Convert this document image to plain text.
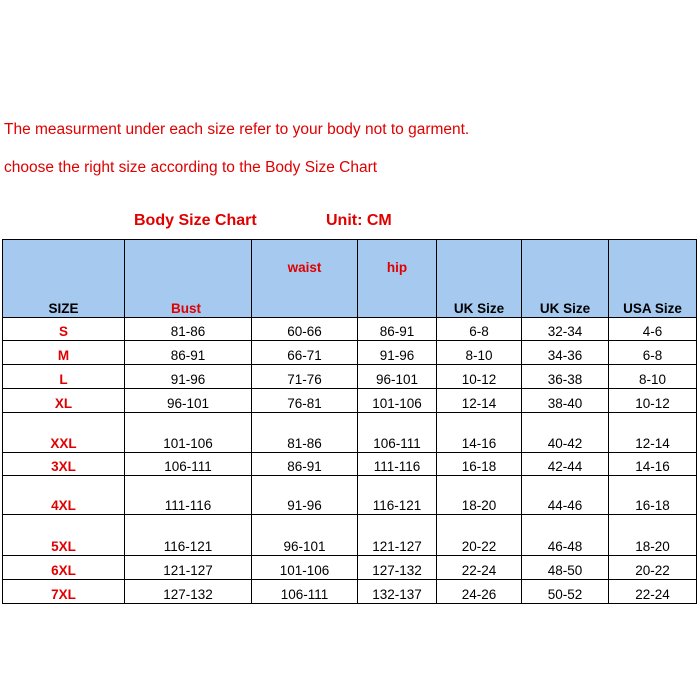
The measurment under each size refer to your body not to garment.
choose the right size according to the Body Size Chart
Body Size Chart	Unit: CM
SIZE	Bust	waist	hip	UK Size	UK Size	USA Size
S	81-86	60-66	86-91	6-8	32-34	4-6
M	86-91	66-71	91-96	8-10	34-36	6-8
L	91-96	71-76	96-101	10-12	36-38	8-10
XL	96-101	76-81	101-106	12-14	38-40	10-12
XXL	101-106	81-86	106-111	14-16	40-42	12-14
3XL	106-111	86-91	111-116	16-18	42-44	14-16
4XL	111-116	91-96	116-121	18-20	44-46	16-18
5XL	116-121	96-101	121-127	20-22	46-48	18-20
6XL	121-127	101-106	127-132	22-24	48-50	20-22
7XL	127-132	106-111	132-137	24-26	50-52	22-24
